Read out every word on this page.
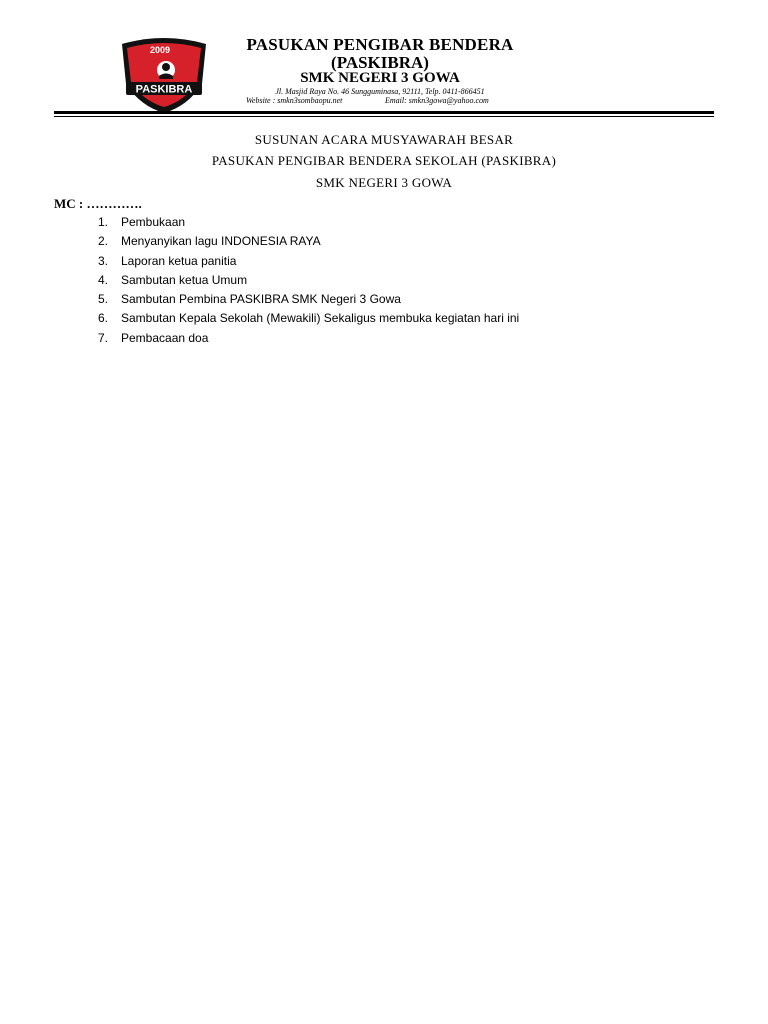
2009
PASKIBRA
PASUKAN PENGIBAR BENDERA
(PASKIBRA)
SMK NEGERI 3 GOWA
Jl. Masjid Raya No. 46 Sungguminasa, 92111, Telp. 0411-866451
Website : smkn3sombaopu.net	Email: smkn3gowa@yahoo.com
SUSUNAN ACARA MUSYAWARAH BESAR
PASUKAN PENGIBAR BENDERA SEKOLAH (PASKIBRA)
SMK NEGERI 3 GOWA
MC : ………….
1. Pembukaan
2. Menyanyikan lagu INDONESIA RAYA
3. Laporan ketua panitia
4. Sambutan ketua Umum
5. Sambutan Pembina PASKIBRA SMK Negeri 3 Gowa
6. Sambutan Kepala Sekolah (Mewakili) Sekaligus membuka kegiatan hari ini
7. Pembacaan doa
